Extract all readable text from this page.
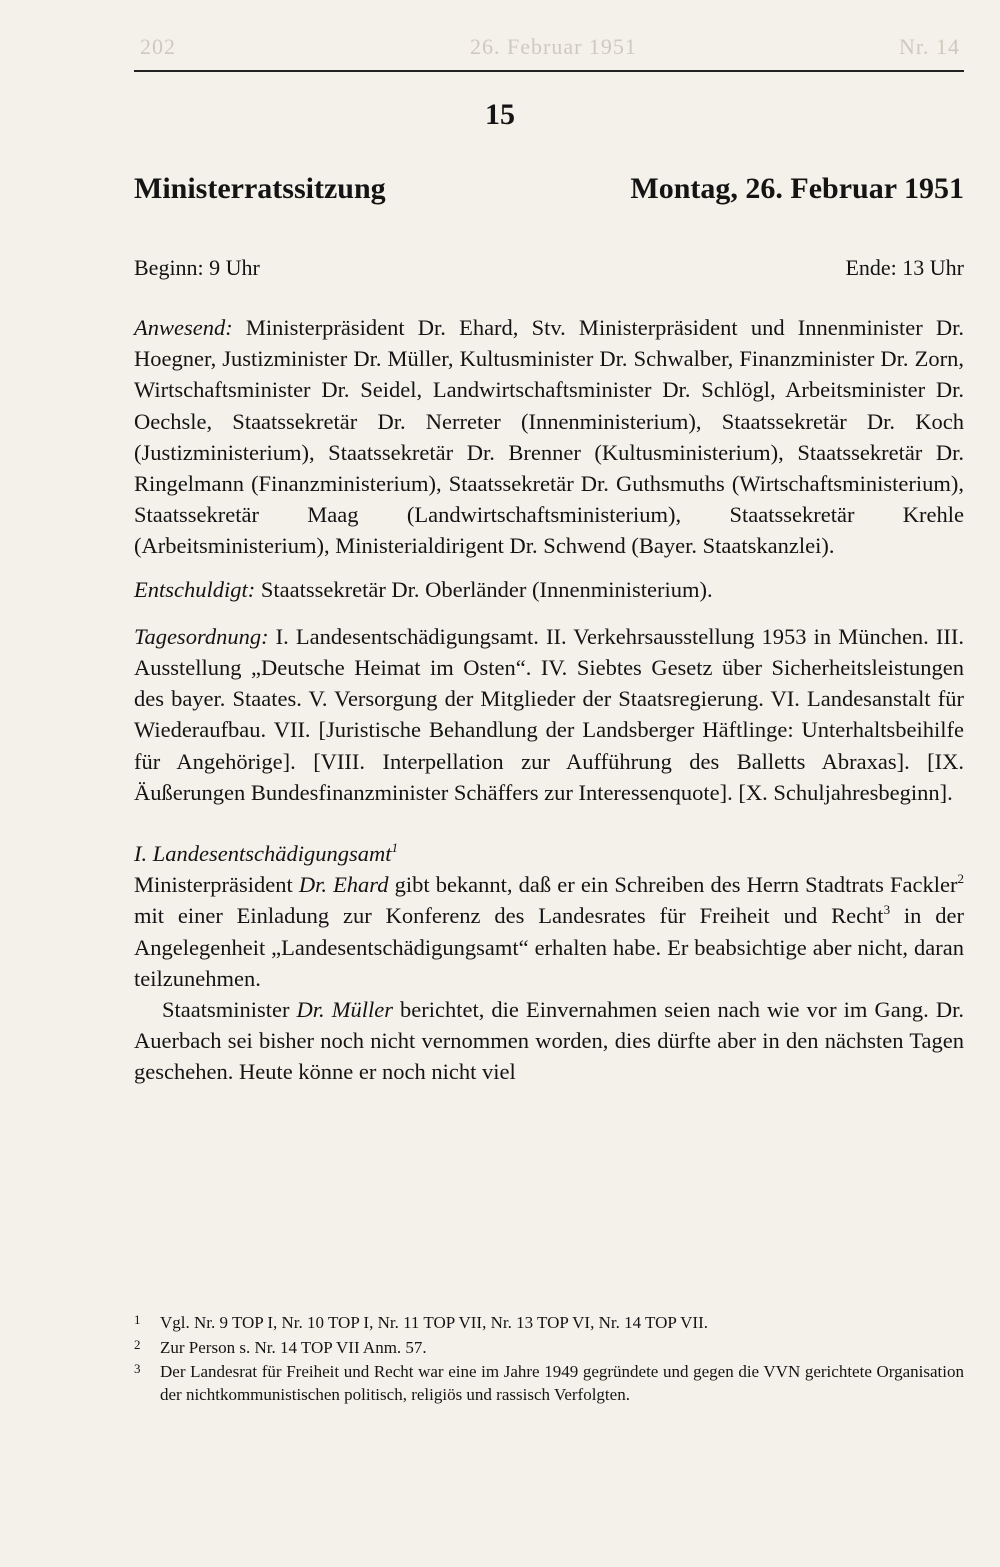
202	26. Februar 1951	Nr. 14
15
Ministerratssitzung	Montag, 26. Februar 1951
Beginn: 9 Uhr	Ende: 13 Uhr

Anwesend: Ministerpräsident Dr. Ehard, Stv. Ministerpräsident und Innenminister Dr. Hoegner, Justizminister Dr. Müller, Kultusminister Dr. Schwalber, Finanzminister Dr. Zorn, Wirtschaftsminister Dr. Seidel, Landwirtschaftsminister Dr. Schlögl, Arbeitsminister Dr. Oechsle, Staatssekretär Dr. Nerreter (Innenministerium), Staatssekretär Dr. Koch (Justizministerium), Staatssekretär Dr. Brenner (Kultusministerium), Staatssekretär Dr. Ringelmann (Finanzministerium), Staatssekretär Dr. Guthsmuths (Wirtschaftsministerium), Staatssekretär Maag (Landwirtschaftsministerium), Staatssekretär Krehle (Arbeitsministerium), Ministerialdirigent Dr. Schwend (Bayer. Staatskanzlei).

Entschuldigt: Staatssekretär Dr. Oberländer (Innenministerium).

Tagesordnung: I. Landesentschädigungsamt. II. Verkehrsausstellung 1953 in München. III. Ausstellung „Deutsche Heimat im Osten“. IV. Siebtes Gesetz über Sicherheitsleistungen des bayer. Staates. V. Versorgung der Mitglieder der Staatsregierung. VI. Landesanstalt für Wiederaufbau. VII. [Juristische Behandlung der Landsberger Häftlinge: Unterhaltsbeihilfe für Angehörige]. [VIII. Interpellation zur Aufführung des Balletts Abraxas]. [IX. Äußerungen Bundesfinanzminister Schäffers zur Interessenquote]. [X. Schuljahresbeginn].

I. Landesentschädigungsamt$^1$

Ministerpräsident Dr. Ehard gibt bekannt, daß er ein Schreiben des Herrn Stadtrats Fackler$^2$ mit einer Einladung zur Konferenz des Landesrates für Freiheit und Recht$^3$ in der Angelegenheit „Landesentschädigungsamt“ erhalten habe. Er beabsichtige aber nicht, daran teilzunehmen.

Staatsminister Dr. Müller berichtet, die Einvernahmen seien nach wie vor im Gang. Dr. Auerbach sei bisher noch nicht vernommen worden, dies dürfte aber in den nächsten Tagen geschehen. Heute könne er noch nicht viel

1	Vgl. Nr. 9 TOP I, Nr. 10 TOP I, Nr. 11 TOP VII, Nr. 13 TOP VI, Nr. 14 TOP VII.
2	Zur Person s. Nr. 14 TOP VII Anm. 57.
3	Der Landesrat für Freiheit und Recht war eine im Jahre 1949 gegründete und gegen die VVN gerichtete Organisation der nichtkommunistischen politisch, religiös und rassisch Verfolgten.
